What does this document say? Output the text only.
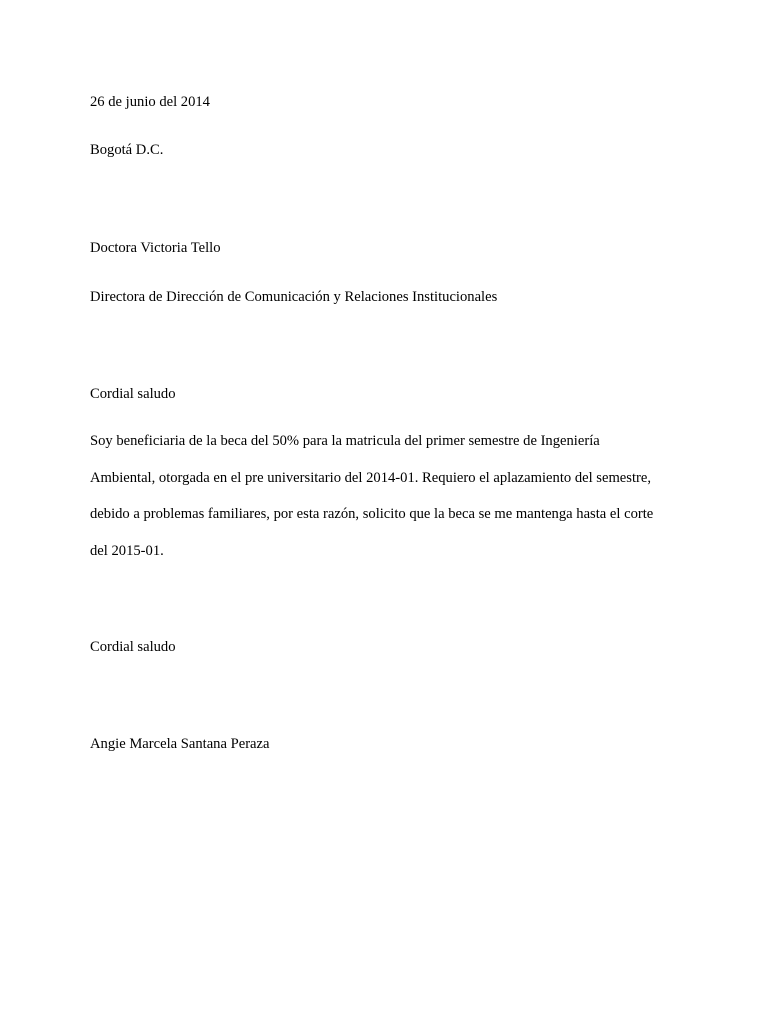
26 de junio del 2014

Bogotá D.C.

Doctora Victoria Tello

Directora de Dirección de Comunicación y Relaciones Institucionales

Cordial saludo

Soy beneficiaria de la beca del 50% para la matricula del primer semestre de Ingeniería
Ambiental, otorgada en el pre universitario del 2014-01. Requiero el aplazamiento del semestre,
debido a problemas familiares, por esta razón, solicito que la beca se me mantenga hasta el corte
del 2015-01.

Cordial saludo

Angie Marcela Santana Peraza
